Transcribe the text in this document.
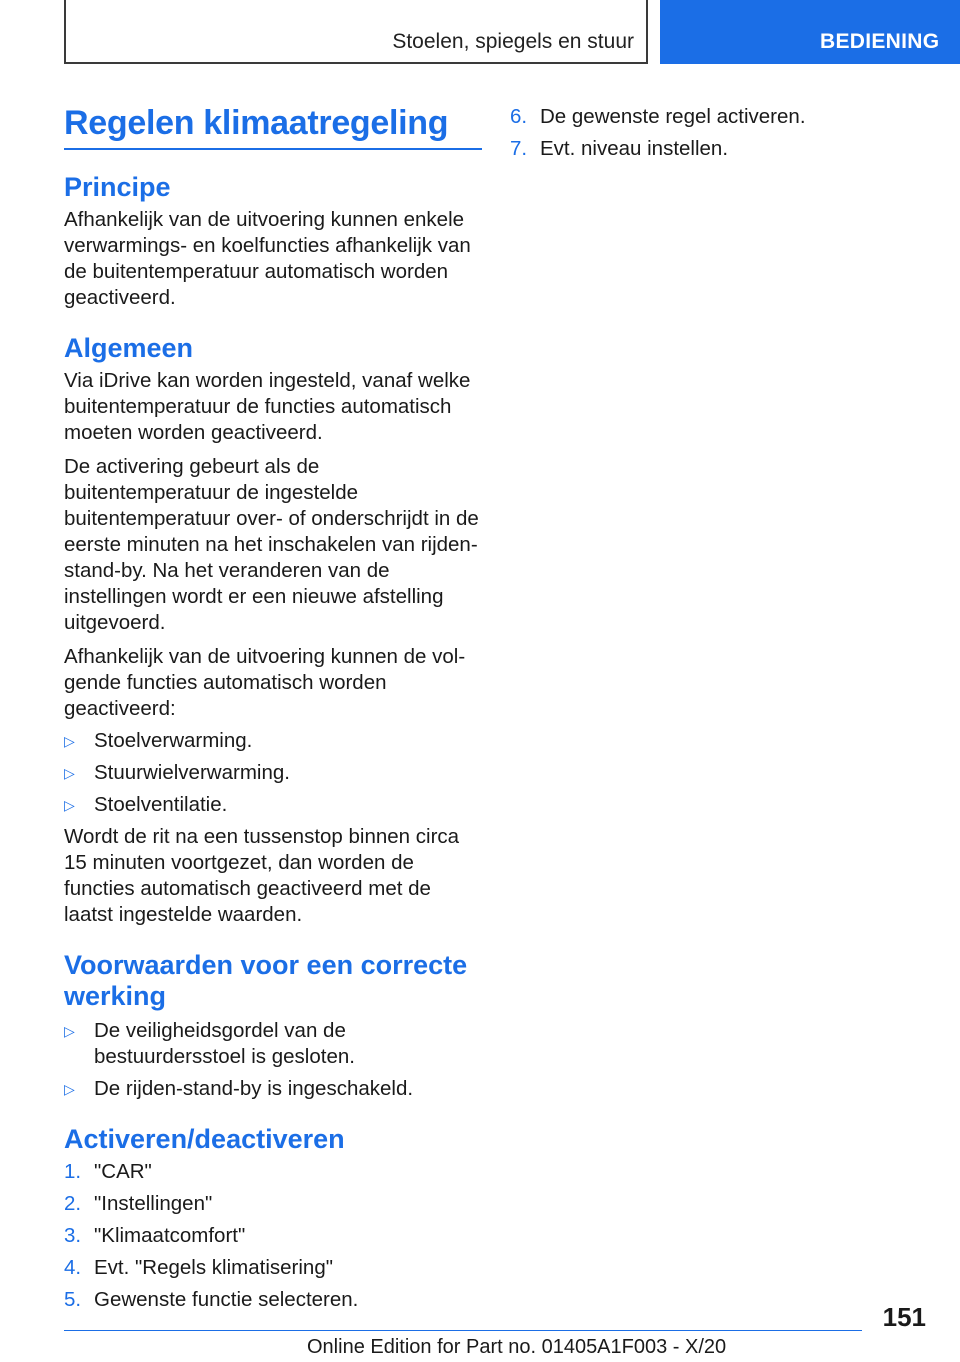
Stoelen, spiegels en stuur	BEDIENING
Regelen klimaatregeling
Principe

Afhankelijk van de uitvoering kunnen enkele verwarmings- en koelfuncties afhankelijk van de buitentemperatuur automatisch worden geactiveerd.

Algemeen

Via iDrive kan worden ingesteld, vanaf welke buitentemperatuur de functies automatisch moeten worden geactiveerd.

De activering gebeurt als de buitentemperatuur de ingestelde buitentemperatuur over- of onderschrijdt in de eerste minuten na het inschakelen van rijden-stand-by. Na het veranderen van de instellingen wordt er een nieuwe afstelling uitgevoerd.

Afhankelijk van de uitvoering kunnen de volgende functies automatisch worden geactiveerd:

▷ Stoelverwarming.
▷ Stuurwielverwarming.
▷ Stoelventilatie.

Wordt de rit na een tussenstop binnen circa 15 minuten voortgezet, dan worden de functies automatisch geactiveerd met de laatst ingestelde waarden.

Voorwaarden voor een correcte werking
▷ De veiligheidsgordel van de bestuurdersstoel is gesloten.
▷ De rijden-stand-by is ingeschakeld.
Activeren/deactiveren
1. "CAR"
2. "Instellingen"
3. "Klimaatcomfort"
4. Evt. "Regels klimatisering"
5. Gewenste functie selecteren.
6. De gewenste regel activeren.
7. Evt. niveau instellen.
151
Online Edition for Part no. 01405A1F003 - X/20
